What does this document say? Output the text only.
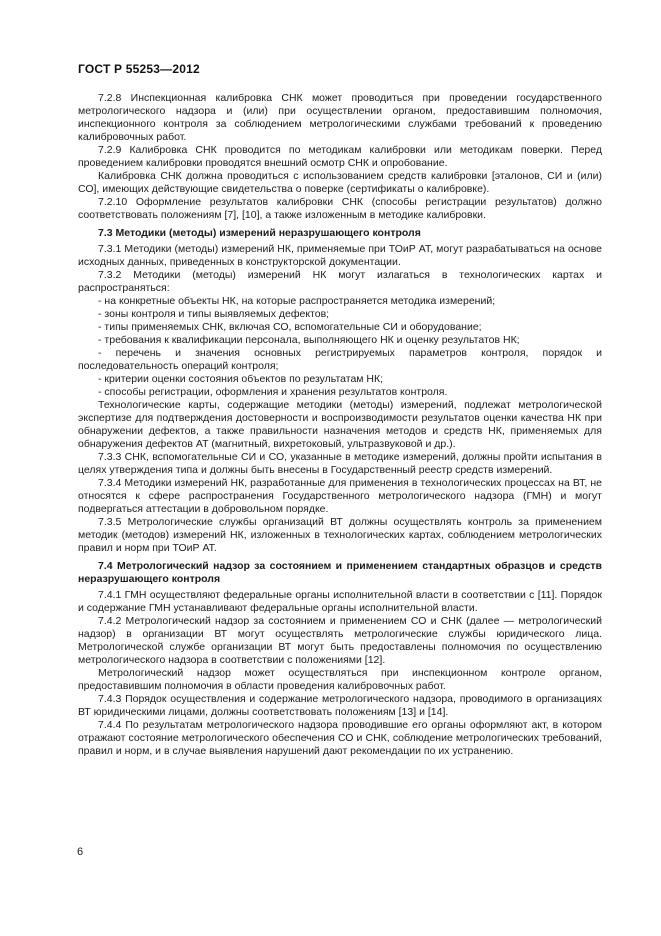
ГОСТ Р 55253—2012

7.2.8 Инспекционная калибровка СНК может проводиться при проведении государственного метрологического надзора и (или) при осуществлении органом, предоставившим полномочия, инспекционного контроля за соблюдением метрологическими службами требований к проведению калибровочных работ.

7.2.9 Калибровка СНК проводится по методикам калибровки или методикам поверки. Перед проведением калибровки проводятся внешний осмотр СНК и опробование.

Калибровка СНК должна проводиться с использованием средств калибровки [эталонов, СИ и (или) СО], имеющих действующие свидетельства о поверке (сертификаты о калибровке).

7.2.10 Оформление результатов калибровки СНК (способы регистрации результатов) должно соответствовать положениям [7], [10], а также изложенным в методике калибровки.

7.3 Методики (методы) измерений неразрушающего контроля

7.3.1 Методики (методы) измерений НК, применяемые при ТОиР АТ, могут разрабатываться на основе исходных данных, приведенных в конструкторской документации.

7.3.2 Методики (методы) измерений НК могут излагаться в технологических картах и распространяться:

- на конкретные объекты НК, на которые распространяется методика измерений;

- зоны контроля и типы выявляемых дефектов;

- типы применяемых СНК, включая СО, вспомогательные СИ и оборудование;

- требования к квалификации персонала, выполняющего НК и оценку результатов НК;

- перечень и значения основных регистрируемых параметров контроля, порядок и последовательность операций контроля;

- критерии оценки состояния объектов по результатам НК;

- способы регистрации, оформления и хранения результатов контроля.

Технологические карты, содержащие методики (методы) измерений, подлежат метрологической экспертизе для подтверждения достоверности и воспроизводимости результатов оценки качества НК при обнаружении дефектов, а также правильности назначения методов и средств НК, применяемых для обнаружения дефектов АТ (магнитный, вихретоковый, ультразвуковой и др.).

7.3.3 СНК, вспомогательные СИ и СО, указанные в методике измерений, должны пройти испытания в целях утверждения типа и должны быть внесены в Государственный реестр средств измерений.

7.3.4 Методики измерений НК, разработанные для применения в технологических процессах на ВТ, не относятся к сфере распространения Государственного метрологического надзора (ГМН) и могут подвергаться аттестации в добровольном порядке.

7.3.5 Метрологические службы организаций ВТ должны осуществлять контроль за применением методик (методов) измерений НК, изложенных в технологических картах, соблюдением метрологических правил и норм при ТОиР АТ.

7.4 Метрологический надзор за состоянием и применением стандартных образцов и средств неразрушающего контроля

7.4.1 ГМН осуществляют федеральные органы исполнительной власти в соответствии с [11]. Порядок и содержание ГМН устанавливают федеральные органы исполнительной власти.

7.4.2 Метрологический надзор за состоянием и применением СО и СНК (далее — метрологический надзор) в организации ВТ могут осуществлять метрологические службы юридического лица. Метрологической службе организации ВТ могут быть предоставлены полномочия по осуществлению метрологического надзора в соответствии с положениями [12].

Метрологический надзор может осуществляться при инспекционном контроле органом, предоставившим полномочия в области проведения калибровочных работ.

7.4.3 Порядок осуществления и содержание метрологического надзора, проводимого в организациях ВТ юридическими лицами, должны соответствовать положениям [13] и [14].

7.4.4 По результатам метрологического надзора проводившие его органы оформляют акт, в котором отражают состояние метрологического обеспечения СО и СНК, соблюдение метрологических требований, правил и норм, и в случае выявления нарушений дают рекомендации по их устранению.

6
